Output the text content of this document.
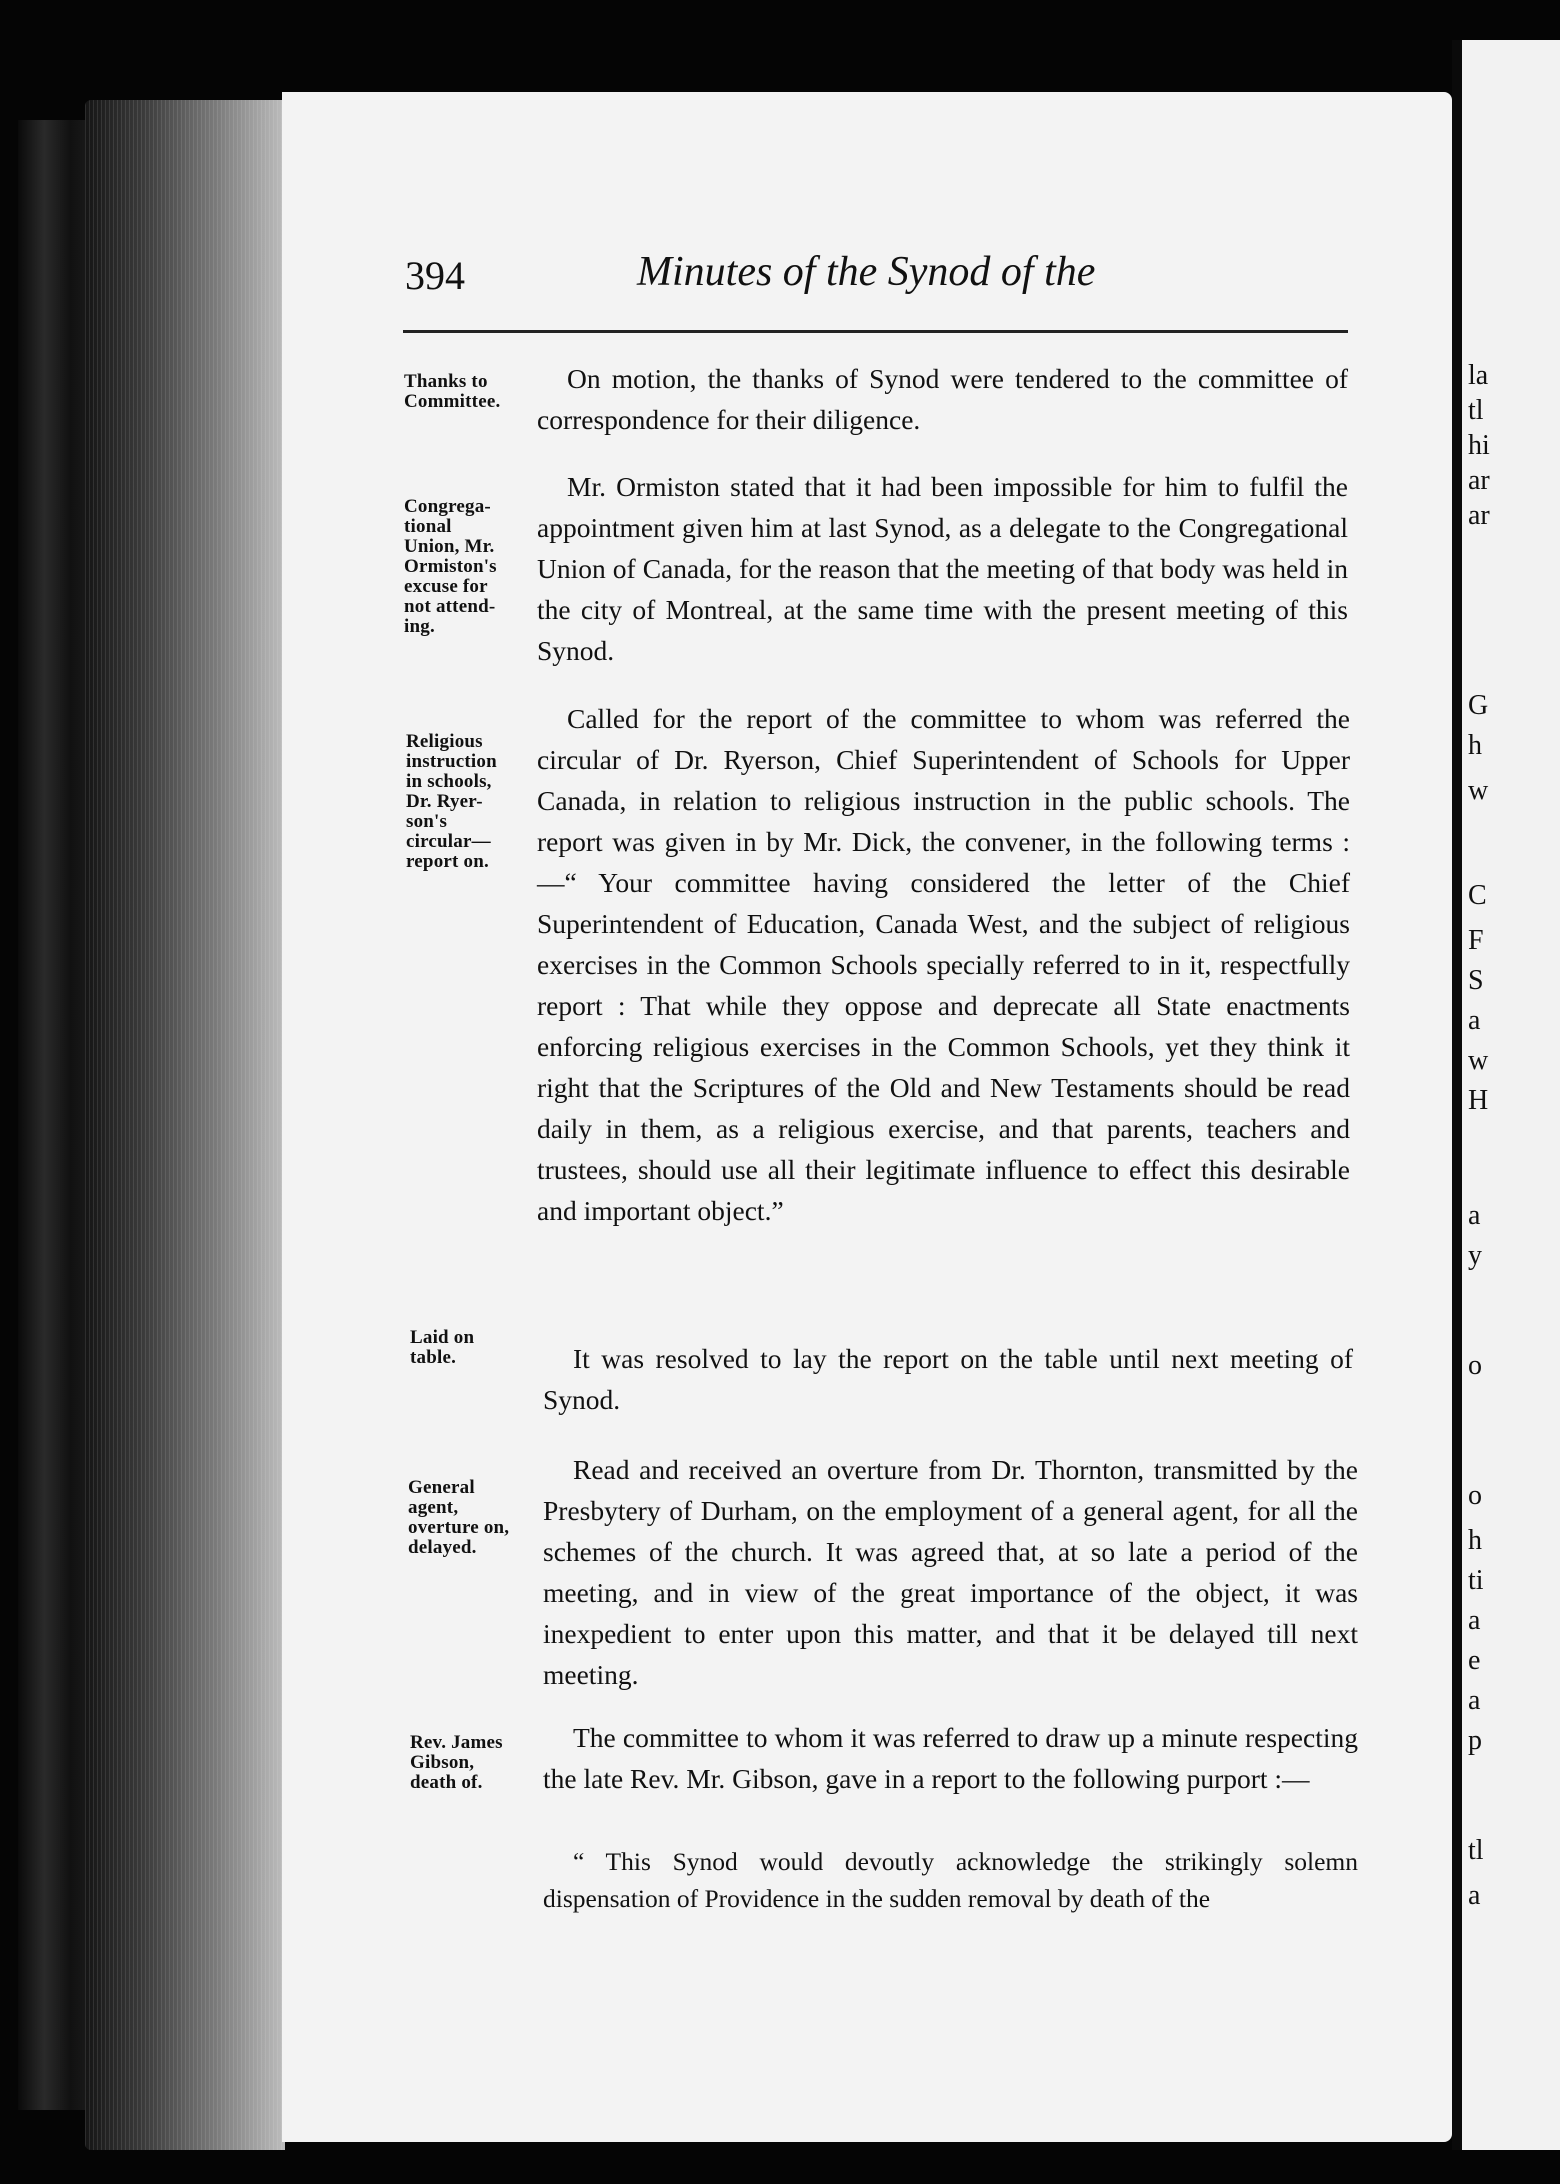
la
tl
hi
ar
ar
G
h
w
C
F
S
a
w
H
a
y
o
o
h
ti
a
e
a
p
tl
a
394	Minutes of the Synod of the
Thanks to
Committee.
Congrega-
tional
Union, Mr.
Ormiston's
excuse for
not attend-
ing.
Religious
instruction
in schools,
Dr. Ryer-
son's
circular—
report on.
Laid on
table.
General
agent,
overture on,
delayed.
Rev. James
Gibson,
death of.
On motion, the thanks of Synod were tendered to the committee of correspondence for their diligence.
Mr. Ormiston stated that it had been impossible for him to fulfil the appointment given him at last Synod, as a delegate to the Congregational Union of Canada, for the reason that the meeting of that body was held in the city of Montreal, at the same time with the present meeting of this Synod.
Called for the report of the committee to whom was referred the circular of Dr. Ryerson, Chief Superintendent of Schools for Upper Canada, in relation to religious instruction in the public schools. The report was given in by Mr. Dick, the convener, in the following terms :—“ Your committee having considered the letter of the Chief Superintendent of Education, Canada West, and the subject of religious exercises in the Common Schools specially referred to in it, respectfully report : That while they oppose and deprecate all State enactments enforcing religious exercises in the Common Schools, yet they think it right that the Scriptures of the Old and New Testaments should be read daily in them, as a religious exercise, and that parents, teachers and trustees, should use all their legitimate influence to effect this desirable and important object.”
It was resolved to lay the report on the table until next meeting of Synod.
Read and received an overture from Dr. Thornton, transmitted by the Presbytery of Durham, on the employment of a general agent, for all the schemes of the church. It was agreed that, at so late a period of the meeting, and in view of the great importance of the object, it was inexpedient to enter upon this matter, and that it be delayed till next meeting.
The committee to whom it was referred to draw up a minute respecting the late Rev. Mr. Gibson, gave in a report to the following purport :—
“ This Synod would devoutly acknowledge the strikingly solemn dispensation of Providence in the sudden removal by death of the
